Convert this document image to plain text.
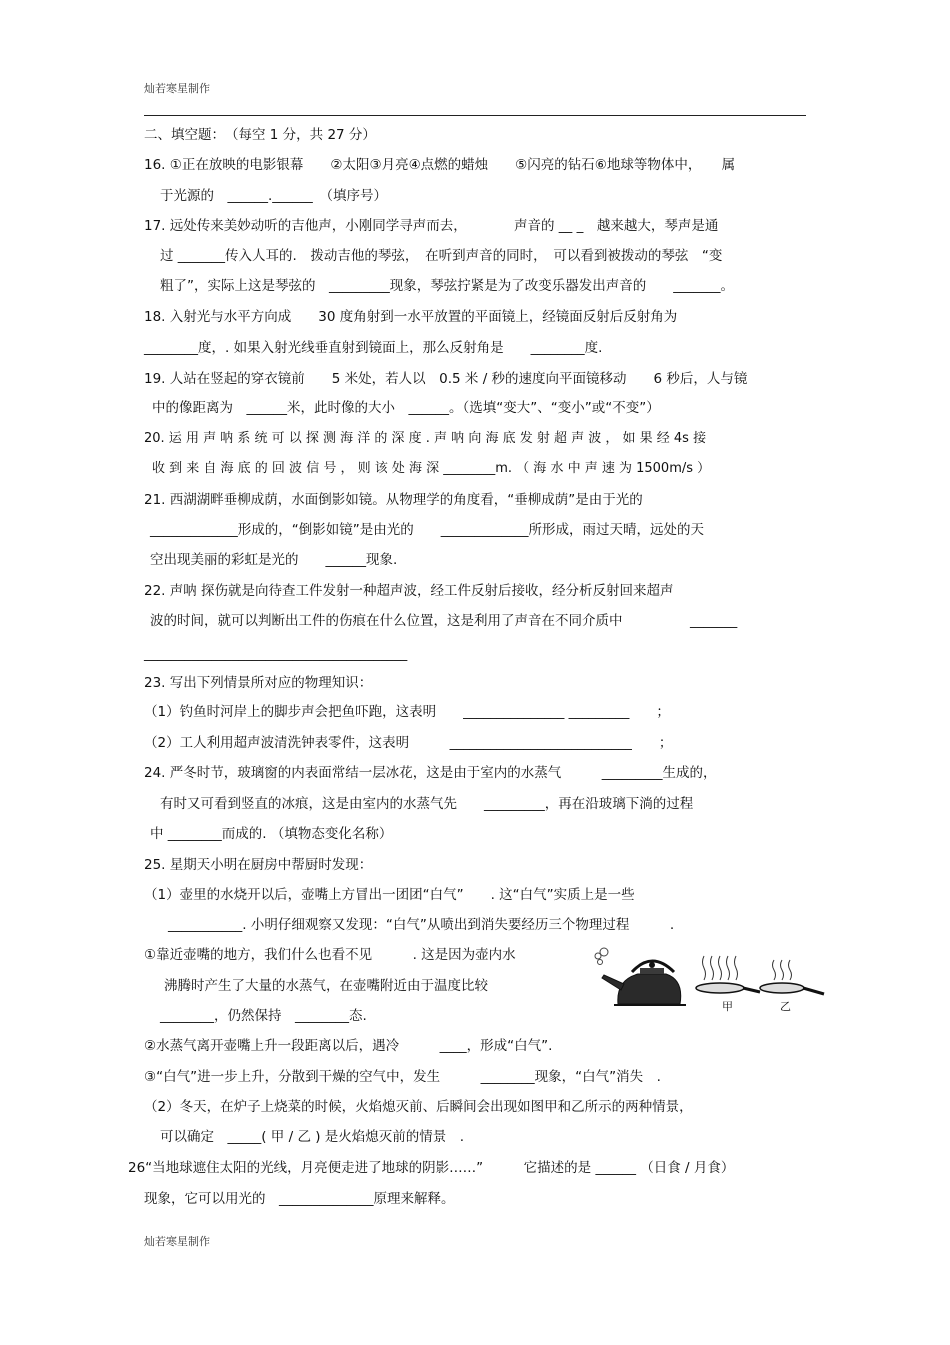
灿若寒星制作
二、填空题：　（每空 1 分，共 27 分）
16. ①正在放映的电影银幕　　②太阳③月亮④点燃的蜡烛　　⑤闪亮的钻石⑥地球等物体中，　　属
于光源的　______.______　（填序号）
17. 远处传来美妙动听的吉他声，小刚同学寻声而去，　　　　声音的 __ _　越来越大，琴声是通
过 _______传入人耳的.　拨动吉他的琴弦，　在听到声音的同时，　可以看到被拨动的琴弦　“变
粗了”，实际上这是琴弦的　_________现象，琴弦拧紧是为了改变乐器发出声音的　　_______。
18. 入射光与水平方向成　　30 度角射到一水平放置的平面镜上，经镜面反射后反射角为
________度，. 如果入射光线垂直射到镜面上，那么反射角是　　________度.
19. 人站在竖起的穿衣镜前　　5 米处，若人以　0.5 米 / 秒的速度向平面镜移动　　6 秒后，人与镜
中的像距离为　______米，此时像的大小　______。（选填“变大”、“变小”或“不变”）
20. 运 用 声 呐 系 统 可 以 探 测 海 洋 的 深 度 . 声 呐 向 海 底 发 射 超 声 波 ， 如 果 经 4s 接
收 到 来 自 海 底 的 回 波 信 号 ， 则 该 处 海 深 ________m. （ 海 水 中 声 速 为 1500m/s ）
21. 西湖湖畔垂柳成荫，水面倒影如镜。从物理学的角度看，“垂柳成荫”是由于光的
_____________形成的，“倒影如镜”是由光的　　_____________所形成，雨过天晴，远处的天
空出现美丽的彩虹是光的　　______现象.
22. 声呐 探伤就是向待查工件发射一种超声波，经工件反射后接收，经分析反射回来超声
波的时间，就可以判断出工件的伤痕在什么位置，这是利用了声音在不同介质中　　　　　_______
_______________________________________
23. 写出下列情景所对应的物理知识：
（1）钓鱼时河岸上的脚步声会把鱼吓跑，这表明　　_______________ _________　　；
（2）工人利用超声波清洗钟表零件，这表明　　　___________________________　　；
24. 严冬时节，玻璃窗的内表面常结一层冰花，这是由于室内的水蒸气　　　_________生成的，
有时又可看到竖直的冰痕，这是由室内的水蒸气先　　_________，再在沿玻璃下淌的过程
中 ________而成的. （填物态变化名称）
25. 星期天小明在厨房中帮厨时发现：
（1）壶里的水烧开以后，壶嘴上方冒出一团团“白气”　　. 这“白气”实质上是一些
___________. 小明仔细观察又发现：“白气”从喷出到消失要经历三个物理过程　　　.
①靠近壶嘴的地方，我们什么也看不见　　　. 这是因为壶内水
沸腾时产生了大量的水蒸气，在壶嘴附近由于温度比较
________，仍然保持　________态.
②水蒸气离开壶嘴上升一段距离以后，遇冷　　　____，形成“白气”.
③“白气”进一步上升，分散到干燥的空气中，发生　　　________现象，“白气”消失　.
（2）冬天，在炉子上烧菜的时候，火焰熄灭前、后瞬间会出现如图甲和乙所示的两种情景，
可以确定　_____( 甲 / 乙 ) 是火焰熄灭前的情景　.
26“当地球遮住太阳的光线，月亮便走进了地球的阴影……”　　　它描述的是 ______ （日食 / 月食）
现象，它可以用光的　______________原理来解释。
甲	乙
灿若寒星制作
